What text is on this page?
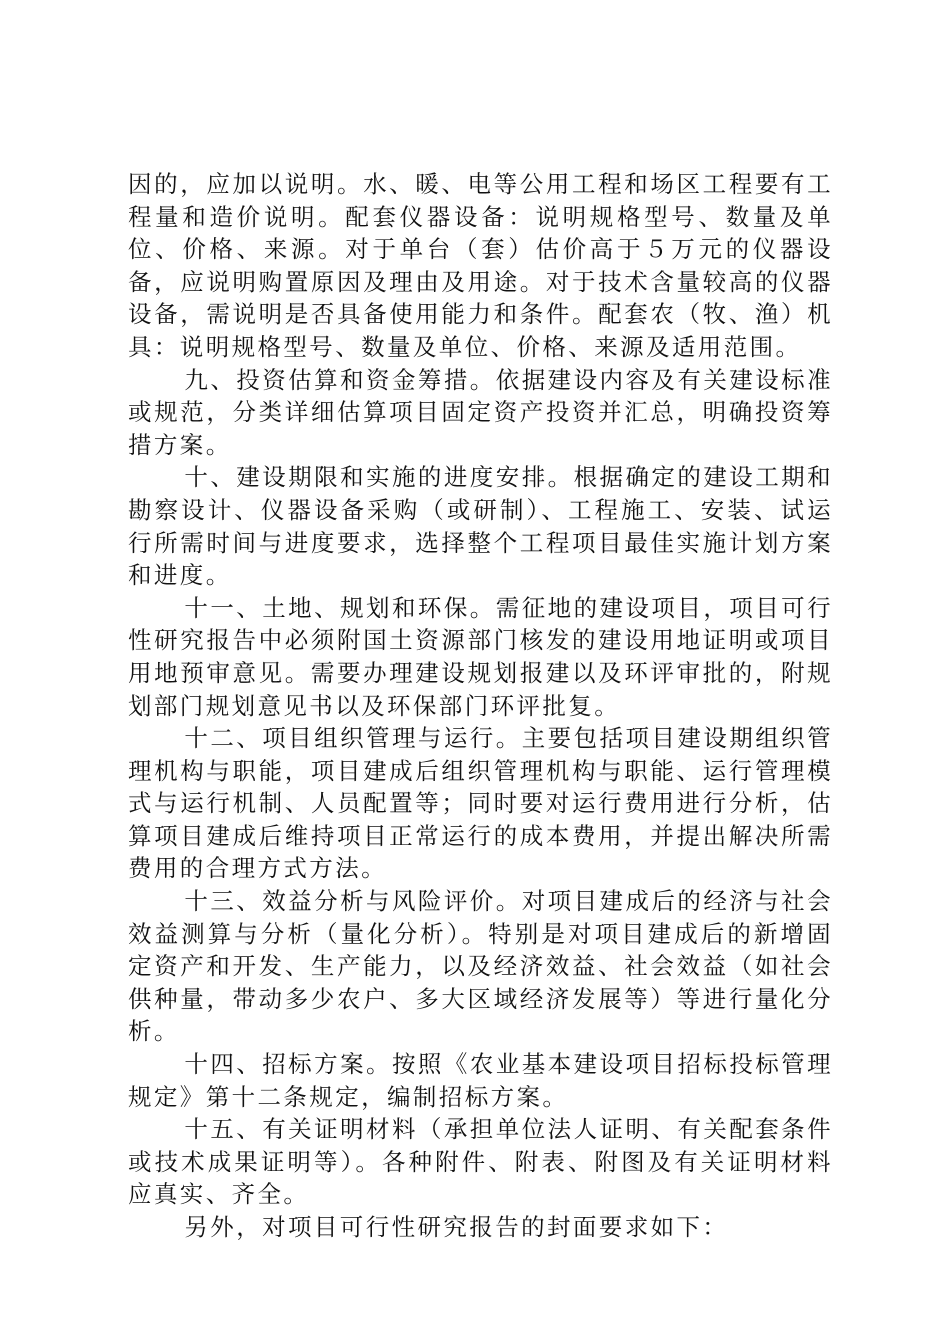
因的，应加以说明。水、暖、电等公用工程和场区工程要有工程量和造价说明。配套仪器设备：说明规格型号、数量及单位、价格、来源。对于单台（套）估价高于５万元的仪器设备，应说明购置原因及理由及用途。对于技术含量较高的仪器设备，需说明是否具备使用能力和条件。配套农（牧、渔）机具：说明规格型号、数量及单位、价格、来源及适用范围。

九、投资估算和资金筹措。依据建设内容及有关建设标准或规范，分类详细估算项目固定资产投资并汇总，明确投资筹措方案。

十、建设期限和实施的进度安排。根据确定的建设工期和勘察设计、仪器设备采购（或研制）、工程施工、安装、试运行所需时间与进度要求，选择整个工程项目最佳实施计划方案和进度。

十一、土地、规划和环保。需征地的建设项目，项目可行性研究报告中必须附国土资源部门核发的建设用地证明或项目用地预审意见。需要办理建设规划报建以及环评审批的，附规划部门规划意见书以及环保部门环评批复。

十二、项目组织管理与运行。主要包括项目建设期组织管理机构与职能，项目建成后组织管理机构与职能、运行管理模式与运行机制、人员配置等；同时要对运行费用进行分析，估算项目建成后维持项目正常运行的成本费用，并提出解决所需费用的合理方式方法。

十三、效益分析与风险评价。对项目建成后的经济与社会效益测算与分析（量化分析）。特别是对项目建成后的新增固定资产和开发、生产能力，以及经济效益、社会效益（如社会供种量，带动多少农户、多大区域经济发展等）等进行量化分析。

十四、招标方案。按照《农业基本建设项目招标投标管理规定》第十二条规定，编制招标方案。

十五、有关证明材料（承担单位法人证明、有关配套条件或技术成果证明等）。各种附件、附表、附图及有关证明材料应真实、齐全。

另外，对项目可行性研究报告的封面要求如下：
